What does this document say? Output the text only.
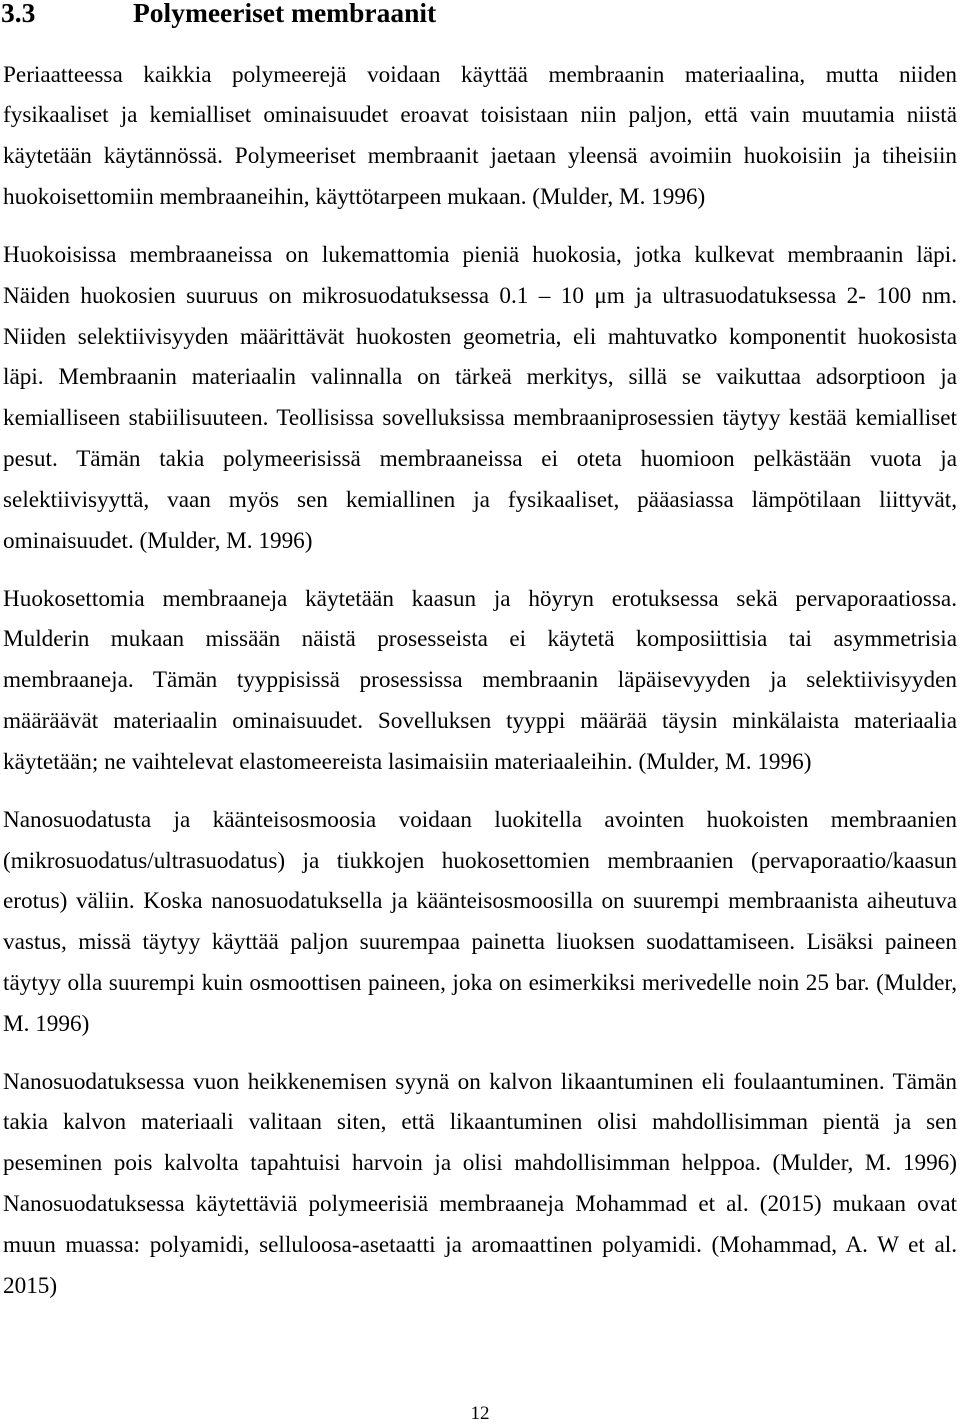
3.3	Polymeeriset membraanit
Periaatteessa kaikkia polymeerejä voidaan käyttää membraanin materiaalina, mutta niiden
fysikaaliset ja kemialliset ominaisuudet eroavat toisistaan niin paljon, että vain muutamia niistä
käytetään käytännössä. Polymeeriset membraanit jaetaan yleensä avoimiin huokoisiin ja tiheisiin
huokoisettomiin membraaneihin, käyttötarpeen mukaan. (Mulder, M. 1996)
Huokoisissa membraaneissa on lukemattomia pieniä huokosia, jotka kulkevat membraanin läpi.
Näiden huokosien suuruus on mikrosuodatuksessa 0.1 – 10 μm ja ultrasuodatuksessa 2- 100 nm.
Niiden selektiivisyyden määrittävät huokosten geometria, eli mahtuvatko komponentit huokosista
läpi. Membraanin materiaalin valinnalla on tärkeä merkitys, sillä se vaikuttaa adsorptioon ja
kemialliseen stabiilisuuteen. Teollisissa sovelluksissa membraaniprosessien täytyy kestää kemialliset
pesut. Tämän takia polymeerisissä membraaneissa ei oteta huomioon pelkästään vuota ja
selektiivisyyttä, vaan myös sen kemiallinen ja fysikaaliset, pääasiassa lämpötilaan liittyvät,
ominaisuudet. (Mulder, M. 1996)
Huokosettomia membraaneja käytetään kaasun ja höyryn erotuksessa sekä pervaporaatiossa.
Mulderin mukaan missään näistä prosesseista ei käytetä komposiittisia tai asymmetrisia
membraaneja. Tämän tyyppisissä prosessissa membraanin läpäisevyyden ja selektiivisyyden
määräävät materiaalin ominaisuudet. Sovelluksen tyyppi määrää täysin minkälaista materiaalia
käytetään; ne vaihtelevat elastomeereista lasimaisiin materiaaleihin. (Mulder, M. 1996)
Nanosuodatusta ja käänteisosmoosia voidaan luokitella avointen huokoisten membraanien
(mikrosuodatus/ultrasuodatus) ja tiukkojen huokosettomien membraanien (pervaporaatio/kaasun
erotus) väliin. Koska nanosuodatuksella ja käänteisosmoosilla on suurempi membraanista aiheutuva
vastus, missä täytyy käyttää paljon suurempaa painetta liuoksen suodattamiseen. Lisäksi paineen
täytyy olla suurempi kuin osmoottisen paineen, joka on esimerkiksi merivedelle noin 25 bar. (Mulder,
M. 1996)
Nanosuodatuksessa vuon heikkenemisen syynä on kalvon likaantuminen eli foulaantuminen. Tämän
takia kalvon materiaali valitaan siten, että likaantuminen olisi mahdollisimman pientä ja sen
peseminen pois kalvolta tapahtuisi harvoin ja olisi mahdollisimman helppoa. (Mulder, M. 1996)
Nanosuodatuksessa käytettäviä polymeerisiä membraaneja Mohammad et al. (2015) mukaan ovat
muun muassa: polyamidi, selluloosa-asetaatti ja aromaattinen polyamidi. (Mohammad, A. W et al.
2015)
12
